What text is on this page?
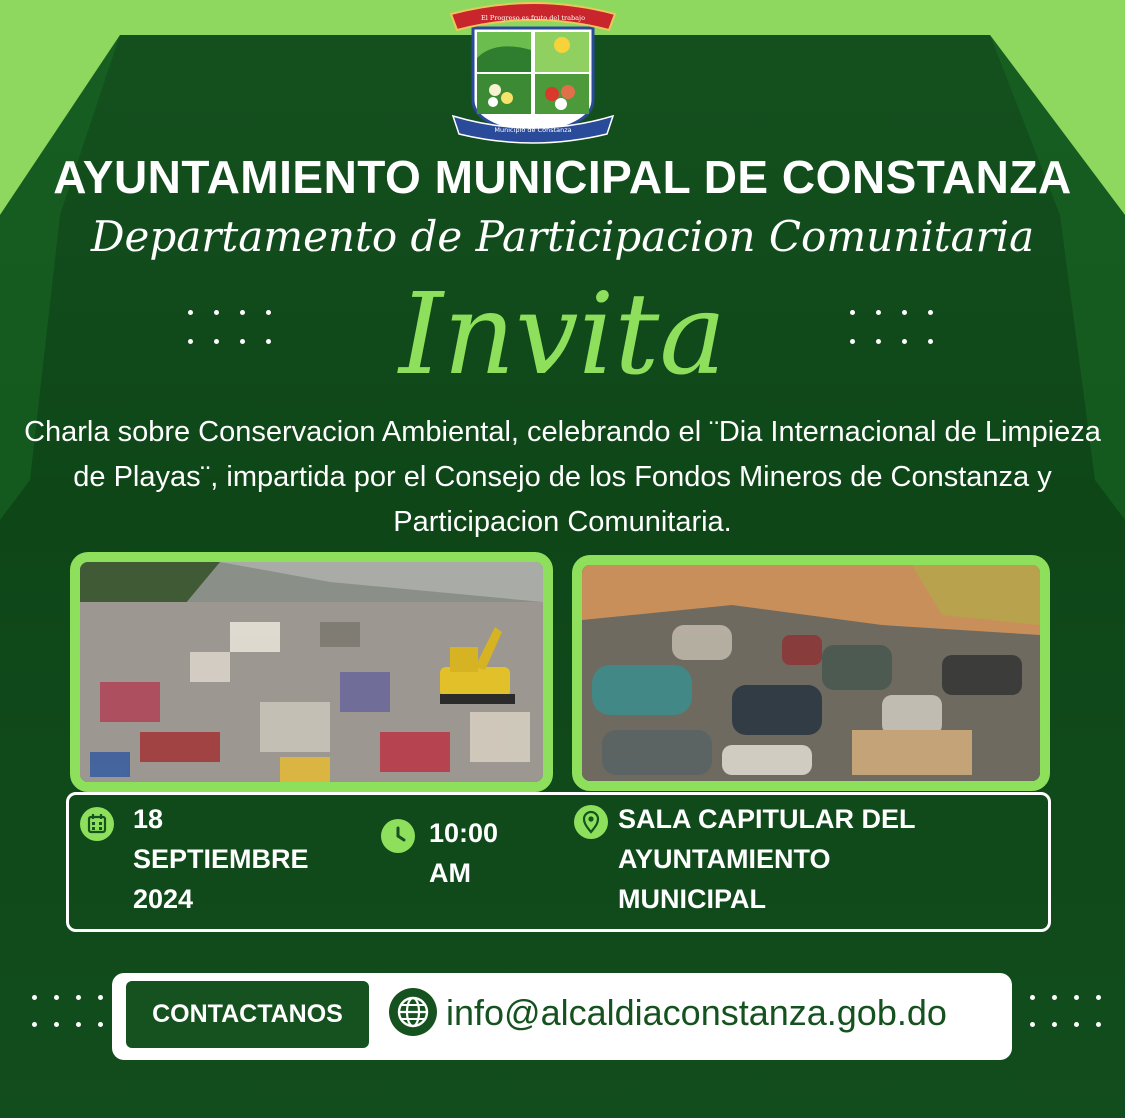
El Progreso es fruto del trabajo
Municipio de Constanza
AYUNTAMIENTO MUNICIPAL DE CONSTANZA
Departamento de Participacion Comunitaria
Invita
Charla sobre Conservacion Ambiental, celebrando el ¨Dia Internacional de Limpieza de Playas¨, impartida por el Consejo de los Fondos Mineros de Constanza y Participacion Comunitaria.
18
SEPTIEMBRE
2024
10:00
AM
SALA CAPITULAR DEL
AYUNTAMIENTO
MUNICIPAL
CONTACTANOS	info@alcaldiaconstanza.gob.do
